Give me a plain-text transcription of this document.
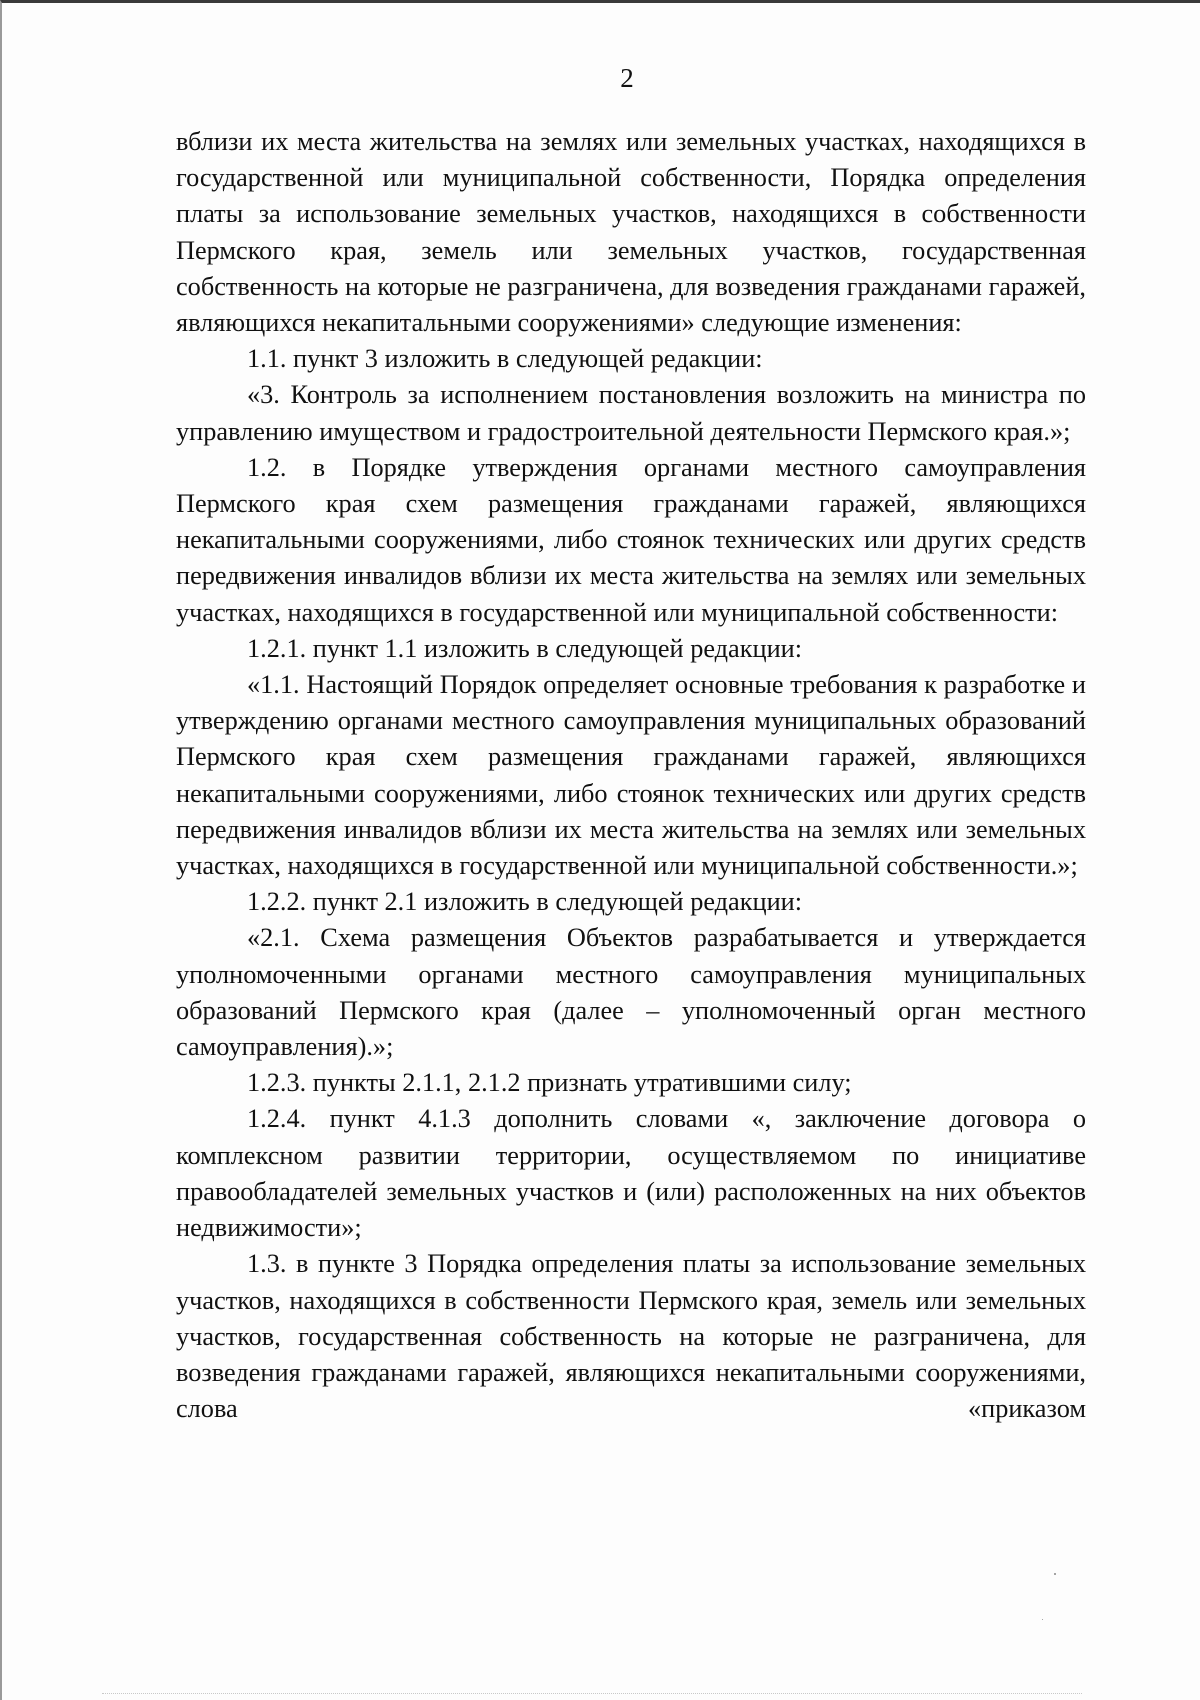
2

вблизи их места жительства на землях или земельных участках, находящихся в государственной или муниципальной собственности, Порядка определения платы за использование земельных участков, находящихся в собственности Пермского края, земель или земельных участков, государственная собственность на которые не разграничена, для возведения гражданами гаражей, являющихся некапитальными сооружениями» следующие изменения:

1.1. пункт 3 изложить в следующей редакции:

«3. Контроль за исполнением постановления возложить на министра по управлению имуществом и градостроительной деятельности Пермского края.»;

1.2. в Порядке утверждения органами местного самоуправления Пермского края схем размещения гражданами гаражей, являющихся некапитальными сооружениями, либо стоянок технических или других средств передвижения инвалидов вблизи их места жительства на землях или земельных участках, находящихся в государственной или муниципальной собственности:

1.2.1. пункт 1.1 изложить в следующей редакции:

«1.1. Настоящий Порядок определяет основные требования к разработке и утверждению органами местного самоуправления муниципальных образований Пермского края схем размещения гражданами гаражей, являющихся некапитальными сооружениями, либо стоянок технических или других средств передвижения инвалидов вблизи их места жительства на землях или земельных участках, находящихся в государственной или муниципальной собственности.»;

1.2.2. пункт 2.1 изложить в следующей редакции:

«2.1. Схема размещения Объектов разрабатывается и утверждается уполномоченными органами местного самоуправления муниципальных образований Пермского края (далее – уполномоченный орган местного самоуправления).»;

1.2.3. пункты 2.1.1, 2.1.2 признать утратившими силу;

1.2.4. пункт 4.1.3 дополнить словами «, заключение договора о комплексном развитии территории, осуществляемом по инициативе правообладателей земельных участков и (или) расположенных на них объектов недвижимости»;

1.3. в пункте 3 Порядка определения платы за использование земельных участков, находящихся в собственности Пермского края, земель или земельных участков, государственная собственность на которые не разграничена, для возведения гражданами гаражей, являющихся некапитальными сооружениями, слова «приказом
